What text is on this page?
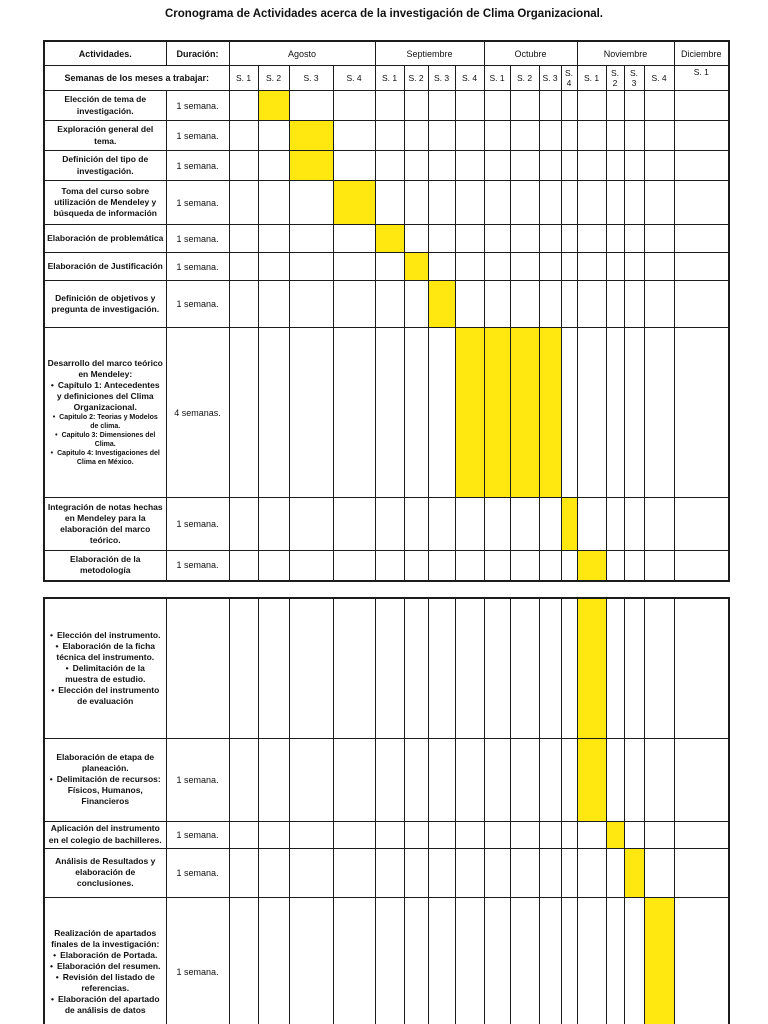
Cronograma de Actividades acerca de la investigación de Clima Organizacional.
Actividades.	Duración:	Agosto				Septiembre				Octubre				Noviembre				Diciembre
Semanas de los meses a trabajar:		S. 1	S. 2	S. 3	S. 4	S. 1	S. 2	S. 3	S. 4	S. 1	S. 2	S. 3	S. 4	S. 1	S. 2	S. 3	S. 4	S. 1

Elección de tema de investigación.	1 semana.																	

Exploración general del tema.	1 semana.																	

Definición del tipo de investigación.	1 semana.																	

Toma del curso sobre utilización de Mendeley y búsqueda de información	1 semana.																	

Elaboración de problemática	1 semana.																	

Elaboración de Justificación	1 semana.																	

Definición de objetivos y pregunta de investigación.	1 semana.																	

Desarrollo del marco teórico en Mendeley:
• Capítulo 1: Antecedentes y definiciones del Clima Organizacional.
• Capitulo 2: Teorias y Modelos de clima.
• Capitulo 3: Dimensiones del Clima.
• Capitulo 4: Investigaciones del Clima en México.	4 semanas.																	

Integración de notas hechas en Mendeley para la elaboración del marco teórico.	1 semana.																	

Elaboración de la metodología	1 semana.																	
• Elección del instrumento.
• Elaboración de la ficha técnica del instrumento.
• Delimitación de la muestra de estudio.
• Elección del instrumento de evaluación																		

Elaboración de etapa de planeación.
• Delimitación de recursos: Físicos, Humanos, Financieros	1 semana.																	

Aplicación del instrumento en el colegio de bachilleres.	1 semana.																	

Análisis de Resultados y elaboración de conclusiones.	1 semana.																	

Realización de apartados finales de la investigación:
• Elaboración de Portada.
• Elaboración del resumen.
• Revisión del listado de referencias.
• Elaboración del apartado de análisis de datos	1 semana.																	
